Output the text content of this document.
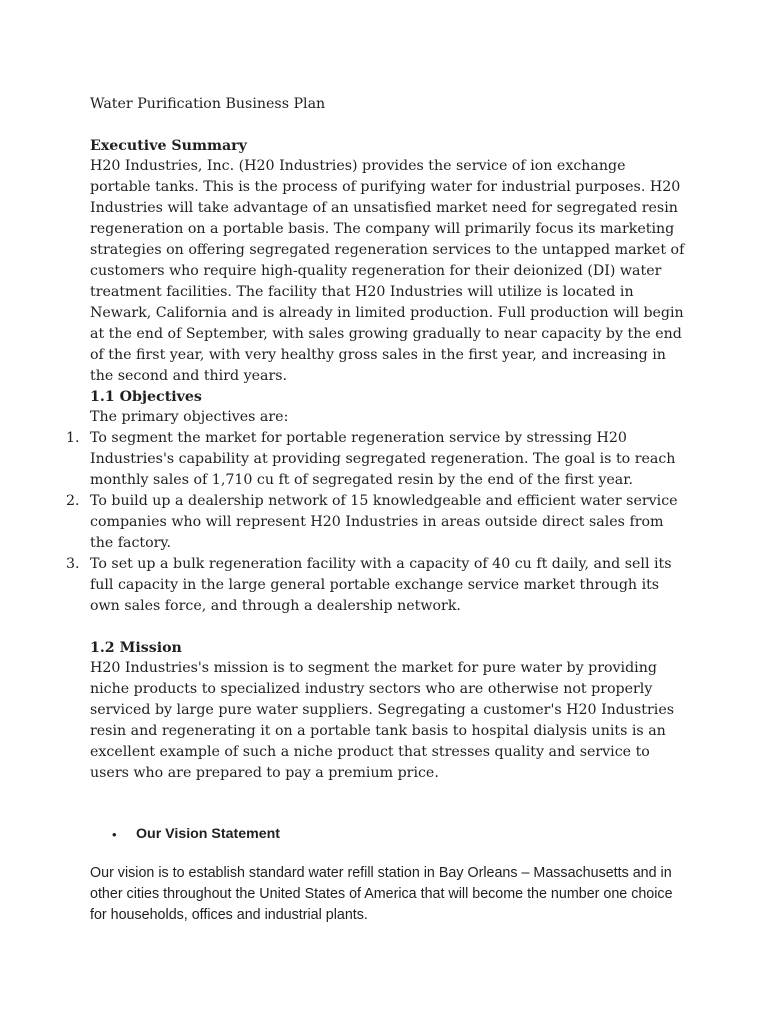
Water Purification Business Plan
Executive Summary

H20 Industries, Inc. (H20 Industries) provides the service of ion exchange portable tanks. This is the process of purifying water for industrial purposes. H20 Industries will take advantage of an unsatisfied market need for segregated resin regeneration on a portable basis. The company will primarily focus its marketing strategies on offering segregated regeneration services to the untapped market of customers who require high-quality regeneration for their deionized (DI) water treatment facilities. The facility that H20 Industries will utilize is located in Newark, California and is already in limited production. Full production will begin at the end of September, with sales growing gradually to near capacity by the end of the first year, with very healthy gross sales in the first year, and increasing in the second and third years.

1.1 Objectives

The primary objectives are:

1. To segment the market for portable regeneration service by stressing H20 Industries's capability at providing segregated regeneration. The goal is to reach monthly sales of 1,710 cu ft of segregated resin by the end of the first year.
2. To build up a dealership network of 15 knowledgeable and efficient water service companies who will represent H20 Industries in areas outside direct sales from the factory.
3. To set up a bulk regeneration facility with a capacity of 40 cu ft daily, and sell its full capacity in the large general portable exchange service market through its own sales force, and through a dealership network.
1.2 Mission

H20 Industries's mission is to segment the market for pure water by providing niche products to specialized industry sectors who are otherwise not properly serviced by large pure water suppliers. Segregating a customer's H20 Industries resin and regenerating it on a portable tank basis to hospital dialysis units is an excellent example of such a niche product that stresses quality and service to users who are prepared to pay a premium price.

• Our Vision Statement

Our vision is to establish standard water refill station in Bay Orleans – Massachusetts and in other cities throughout the United States of America that will become the number one choice for households, offices and industrial plants.
